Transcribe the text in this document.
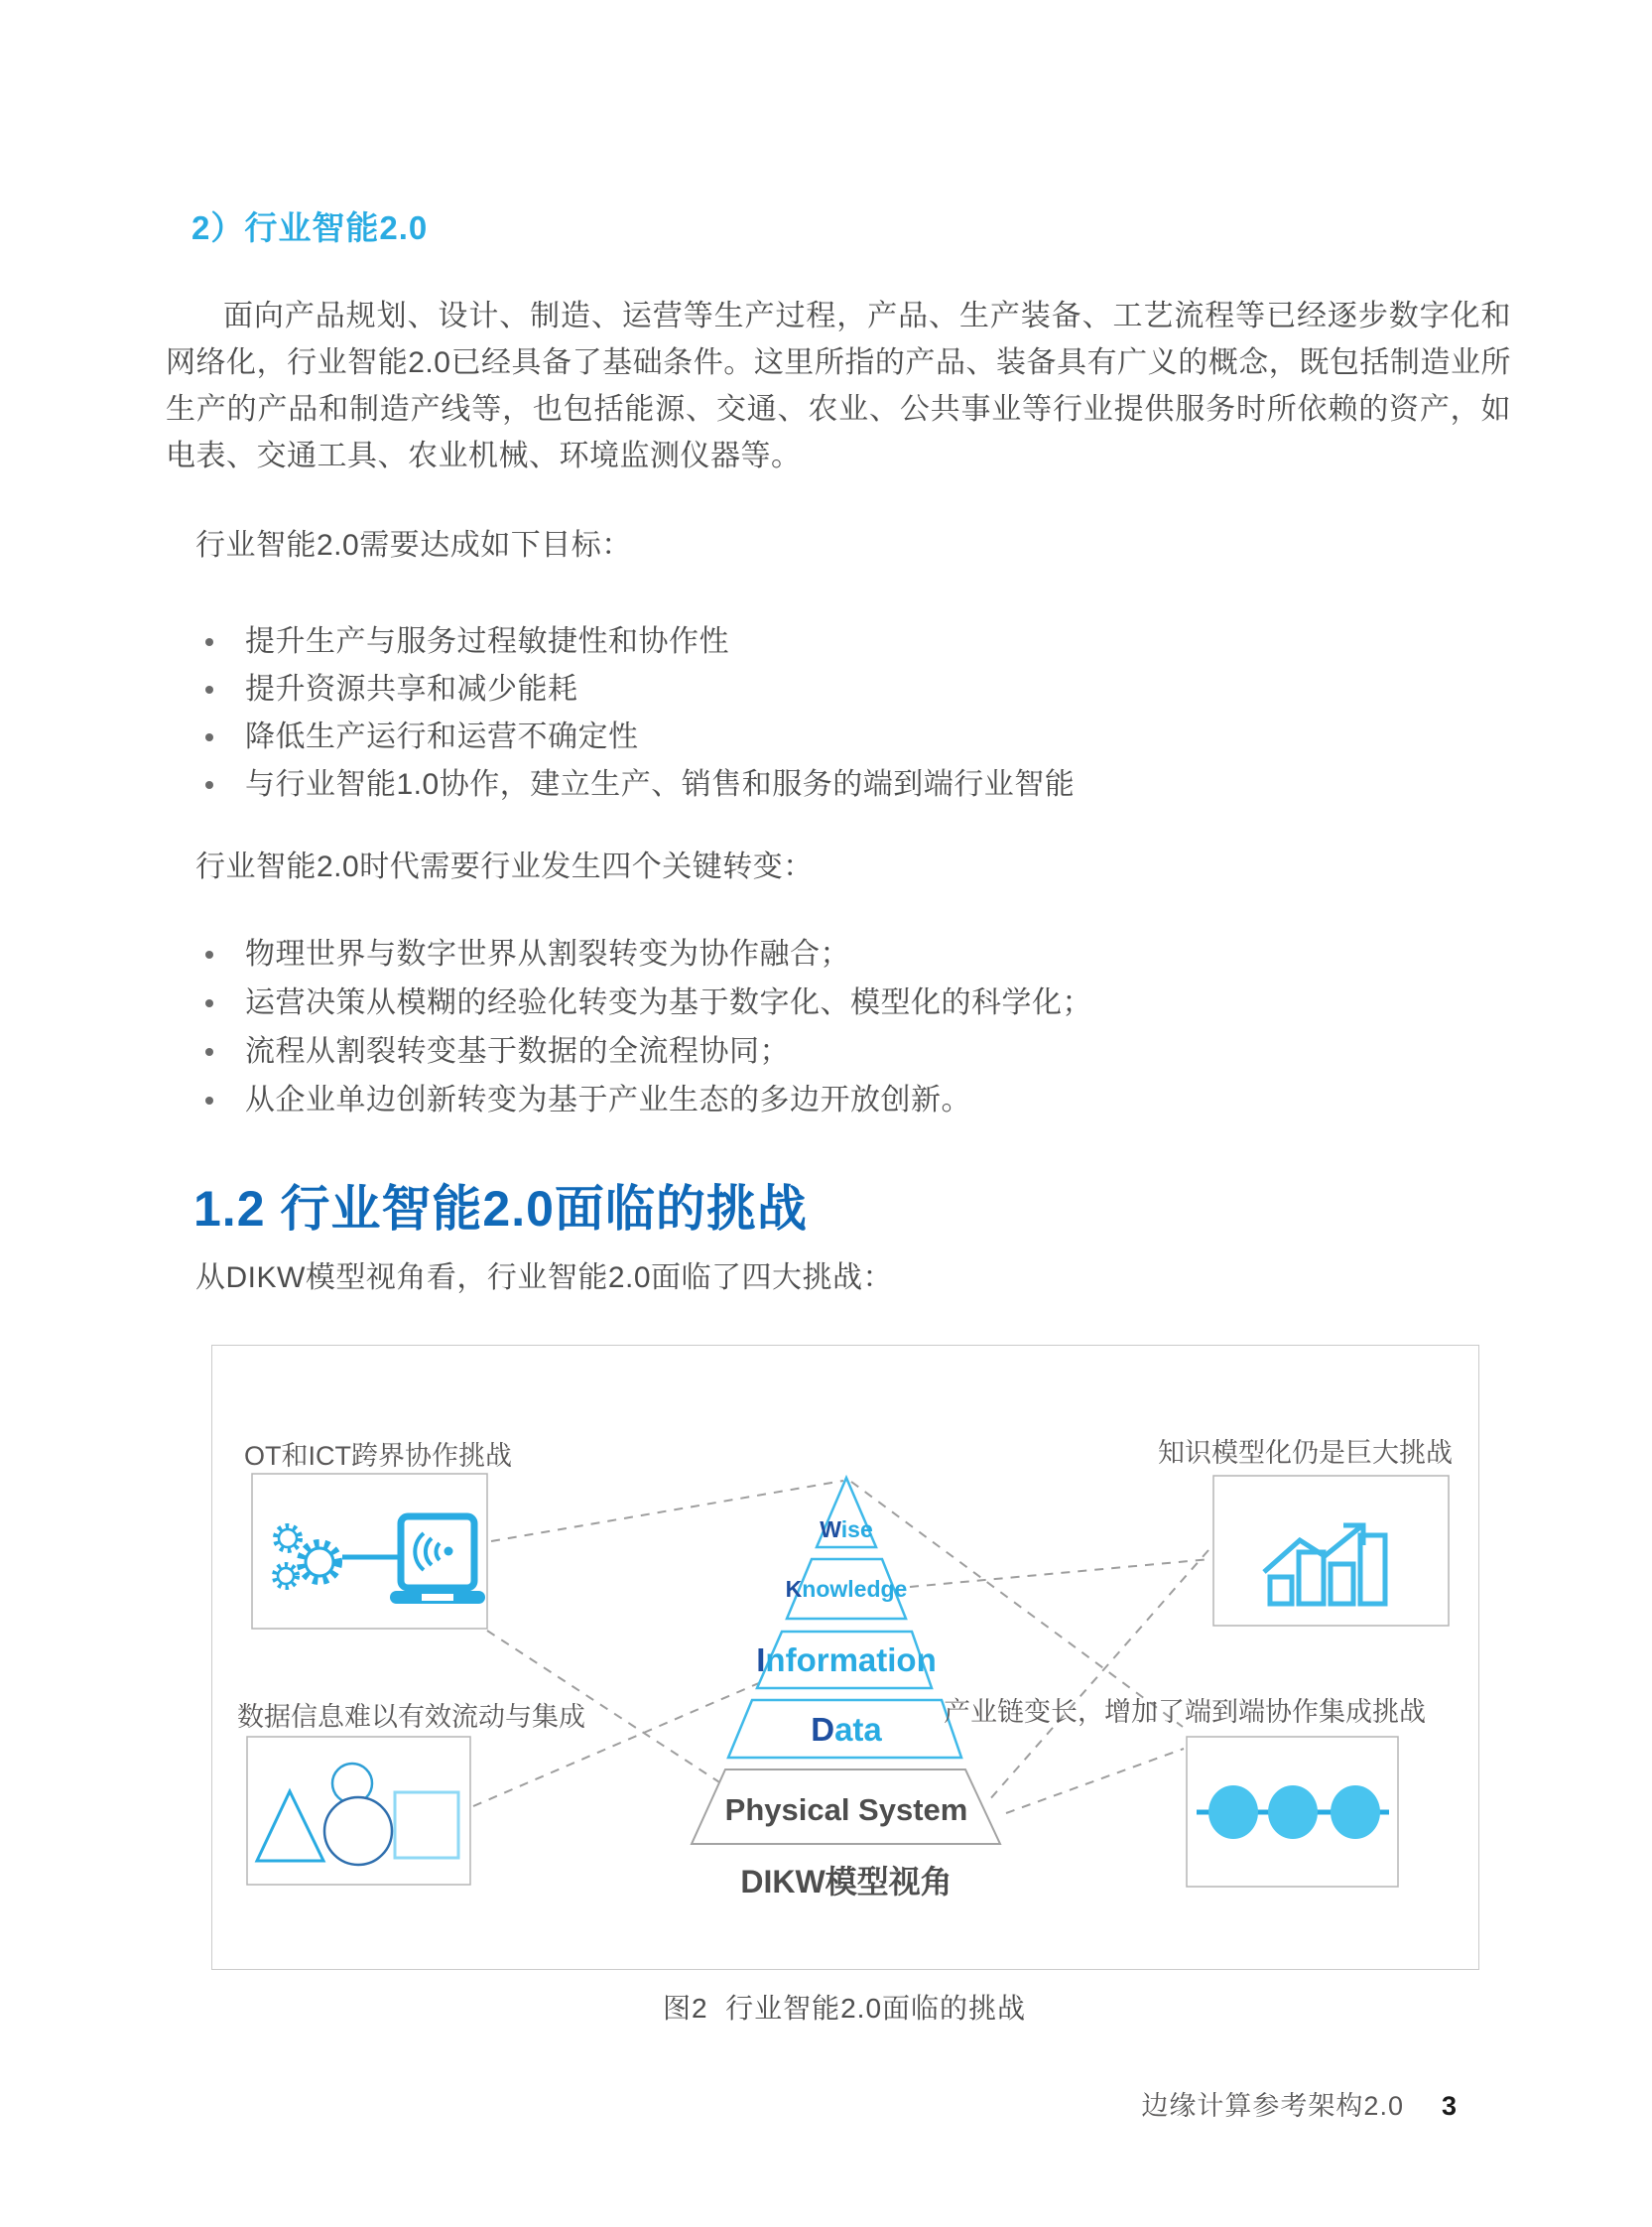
2）行业智能2.0

面向产品规划、设计、制造、运营等生产过程，产品、生产装备、工艺流程等已经逐步数字化和网络化，行业智能2.0已经具备了基础条件。这里所指的产品、装备具有广义的概念，既包括制造业所生产的产品和制造产线等，也包括能源、交通、农业、公共事业等行业提供服务时所依赖的资产，如电表、交通工具、农业机械、环境监测仪器等。

行业智能2.0需要达成如下目标：

提升生产与服务过程敏捷性和协作性
提升资源共享和减少能耗
降低生产运行和运营不确定性
与行业智能1.0协作，建立生产、销售和服务的端到端行业智能

行业智能2.0时代需要行业发生四个关键转变：

物理世界与数字世界从割裂转变为协作融合；
运营决策从模糊的经验化转变为基于数字化、模型化的科学化；
流程从割裂转变基于数据的全流程协同；
从企业单边创新转变为基于产业生态的多边开放创新。
1.2 行业智能2.0面临的挑战

从DIKW模型视角看，行业智能2.0面临了四大挑战：

Wise
Knowledge
Information
Data
Physical System
DIKW模型视角
OT和ICT跨界协作挑战	知识模型化仍是巨大挑战
数据信息难以有效流动与集成	产业链变长，增加了端到端协作集成挑战

图2  行业智能2.0面临的挑战

边缘计算参考架构2.0 3
